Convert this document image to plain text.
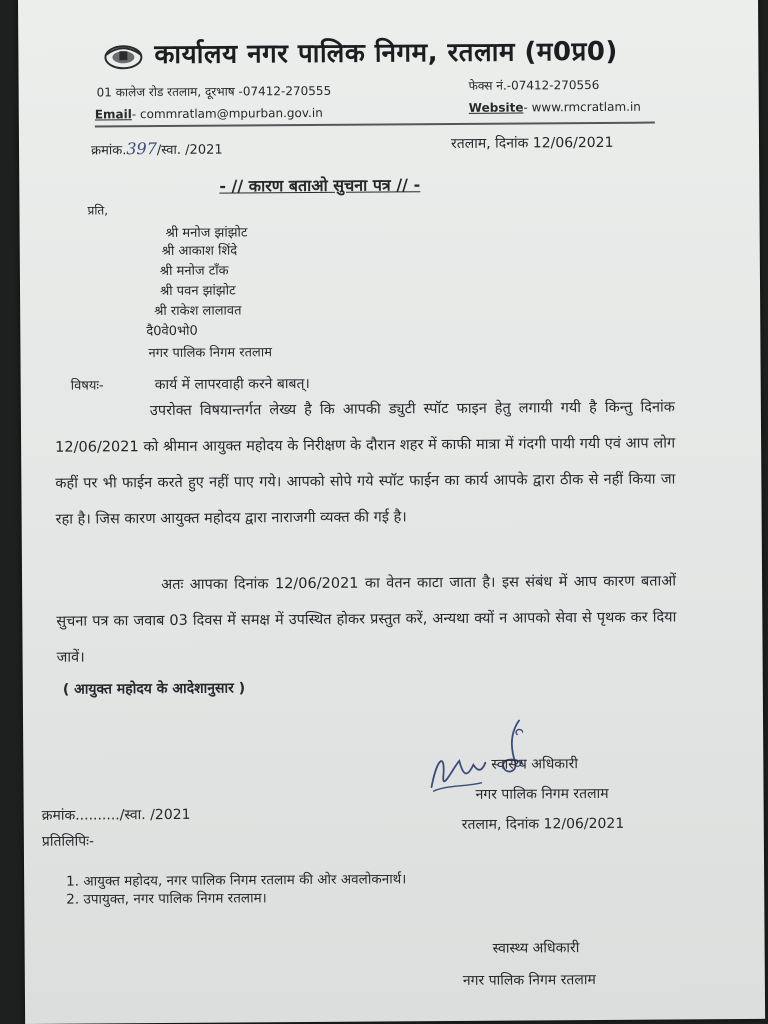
कार्यालय नगर पालिक निगम, रतलाम (म0प्र0)
01 कालेज रोड रतलाम, दूरभाष -07412-270555	फेक्स नं.-07412-270556
Email- commratlam@mpurban.gov.in	Website- www.rmcratlam.in
क्रमांक.397/स्वा. /2021	रतलाम, दिनांक 12/06/2021
- // कारण बताओ सुचना पत्र // -
प्रति,
श्री मनोज झांझोट
श्री आकाश शिंदे
श्री मनोज टाँक
श्री पवन झांझोट
श्री राकेश लालावत
दै0वे0भो0
नगर पालिक निगम रतलाम
विषयः-	कार्य में लापरवाही करने बाबत्।
उपरोक्त विषयान्तर्गत लेख्य है कि आपकी ड्युटी स्पॉट फाइन हेतु लगायी गयी है किन्तु दिनांक 12/06/2021 को श्रीमान आयुक्त महोदय के निरीक्षण के दौरान शहर में काफी मात्रा में गंदगी पायी गयी एवं आप लोग कहीं पर भी फाईन करते हुए नहीं पाए गये। आपको सोपे गये स्पॉट फाईन का कार्य आपके द्वारा ठीक से नहीं किया जा रहा है। जिस कारण आयुक्त महोदय द्वारा नाराजगी व्यक्त की गई है।
अतः आपका दिनांक 12/06/2021 का वेतन काटा जाता है। इस संबंध में आप कारण बताओं सुचना पत्र का जवाब 03 दिवस में समक्ष में उपस्थित होकर प्रस्तुत करें, अन्यथा क्यों न आपको सेवा से पृथक कर दिया जावें।
( आयुक्त महोदय के आदेशानुसार )
स्वास्थ्य अधिकारी
नगर पालिक निगम रतलाम
रतलाम, दिनांक 12/06/2021
क्रमांक........../स्वा. /2021
प्रतिलिपिः-
1. आयुक्त महोदय, नगर पालिक निगम रतलाम की ओर अवलोकनार्थ।
2. उपायुक्त, नगर पालिक निगम रतलाम।
स्वास्थ्य अधिकारी
नगर पालिक निगम रतलाम
